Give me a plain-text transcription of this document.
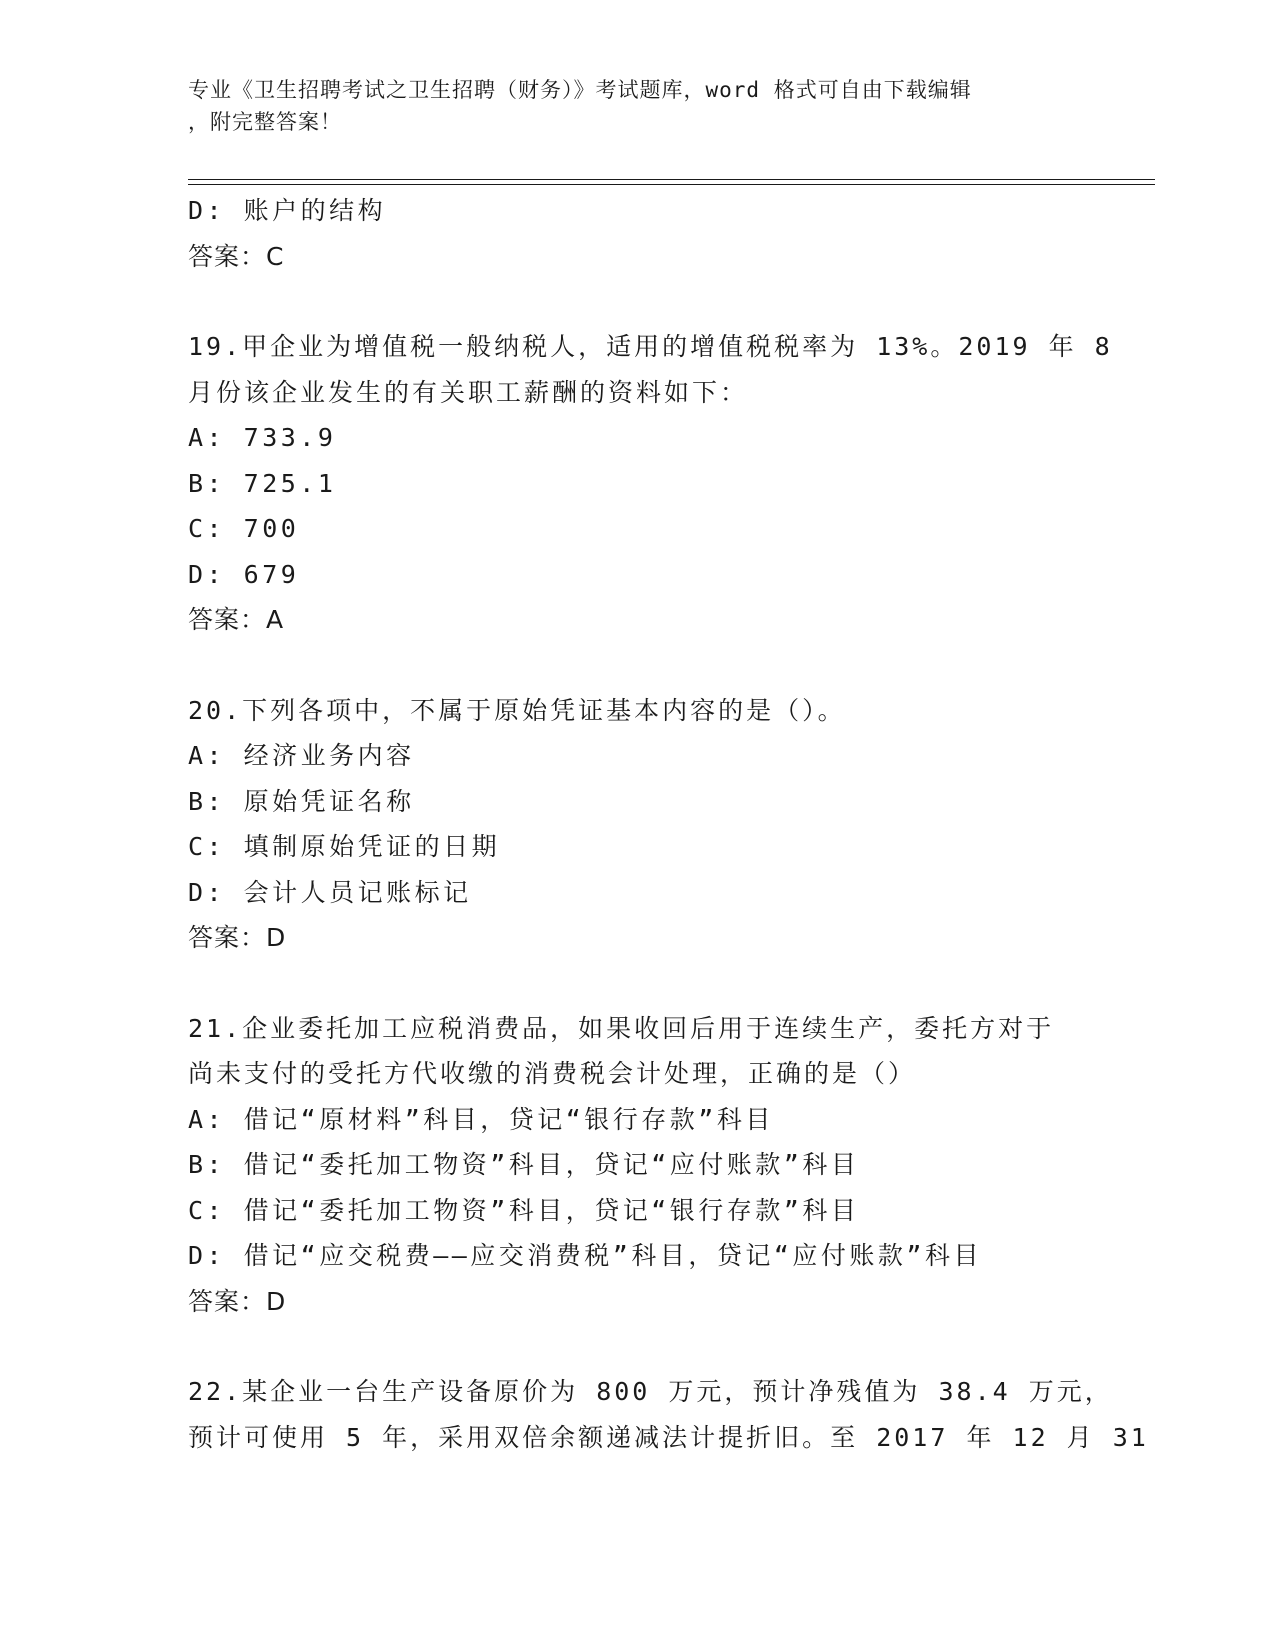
专业《卫生招聘考试之卫生招聘（财务）》考试题库，word 格式可自由下载编辑
，附完整答案！
D: 账户的结构
答案：C
19.甲企业为增值税一般纳税人，适用的增值税税率为 13%。2019 年 8
月份该企业发生的有关职工薪酬的资料如下：
A: 733.9
B: 725.1
C: 700
D: 679
答案：A
20.下列各项中，不属于原始凭证基本内容的是（）。
A: 经济业务内容
B: 原始凭证名称
C: 填制原始凭证的日期
D: 会计人员记账标记
答案：D
21.企业委托加工应税消费品，如果收回后用于连续生产，委托方对于
尚未支付的受托方代收缴的消费税会计处理，正确的是（）
A: 借记“原材料”科目，贷记“银行存款”科目
B: 借记“委托加工物资”科目，贷记“应付账款”科目
C: 借记“委托加工物资”科目，贷记“银行存款”科目
D: 借记“应交税费——应交消费税”科目，贷记“应付账款”科目
答案：D
22.某企业一台生产设备原价为 800 万元，预计净残值为 38.4 万元，
预计可使用 5 年，采用双倍余额递减法计提折旧。至 2017 年 12 月 31
